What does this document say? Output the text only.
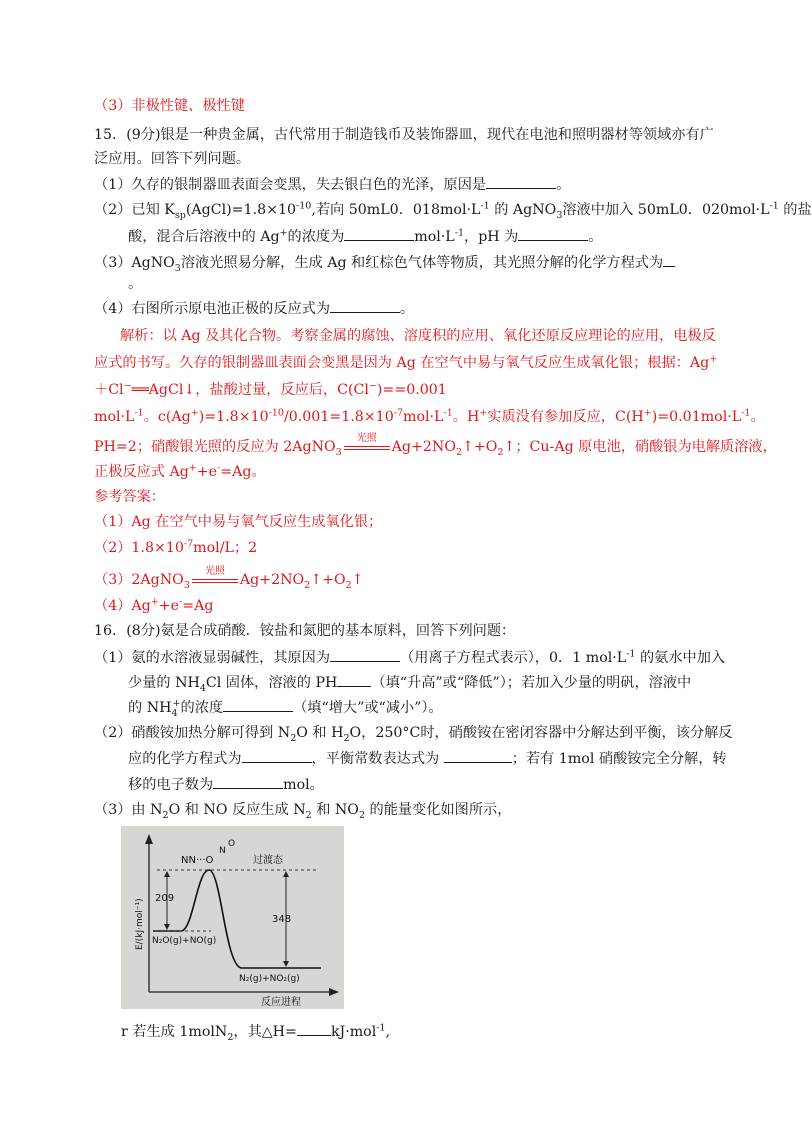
（3）非极性键、极性键
15．(9分)银是一种贵金属，古代常用于制造钱币及装饰器皿，现代在电池和照明器材等领域亦有广
泛应用。回答下列问题。
（1）久存的银制器皿表面会变黑，失去银白色的光泽，原因是	。
（2）已知 $K_{sp}(AgCl)=1.8\times 10^{-10}$,若向 50mL0．$018mol\cdot L^{-1}$ 的 AgNO$_3$溶液中加入 50mL0．$020mol\cdot L^{-1}$ 的盐
酸，混合后溶液中的 Ag+的浓度为	$mol\cdot L^{-1}$，pH 为	。
（3）AgNO$_3$溶液光照易分解，生成 Ag 和红棕色气体等物质，其光照分解的化学方程式为
。
（4）右图所示原电池正极的反应式为	。
解析：以 Ag 及其化合物。考察金属的腐蚀、溶度积的应用、氧化还原反应理论的应用，电极反
应式的书写。久存的银制器皿表面会变黑是因为 Ag 在空气中易与氧气反应生成氧化银；根据：Ag+
＋Cl−══AgCl↓，盐酸过量，反应后，C(Cl−)==0.001
$mol\cdot L^{-1}$。$c(Ag^+)=1.8\times 10^{-10}/0.001=1.8\times 10^{-7}mol\cdot L^{-1}$。H+实质没有参加反应，$C(H^+)=0.01mol\cdot L^{-1}$。
PH=2；硝酸银光照的反应为 2AgNO$_3$
光照
$Ag+2NO_2↑+O_2↑$；Cu-Ag 原电池，硝酸银为电解质溶液，
正极反应式 Ag++e-=Ag。
参考答案：
（1）Ag 在空气中易与氧气反应生成氧化银；
$(2)1.8\times 10^{-7}mol/L$；2
（3）2AgNO$_3$
光照
$Ag+2NO_2↑+O_2↑$
（4）Ag++e-=Ag
16．(8分)氨是合成硝酸．铵盐和氮肥的基本原料，回答下列问题：
（1）氨的水溶液显弱碱性，其原因为	（用离子方程式表示），0．1 $mol\cdot L^{-1}$ 的氨水中加入
少量的 $NH_4Cl$ 固体，溶液的 PH （填“升高”或“降低”）；若加入少量的明矾，溶液中
的 $NH_4^+$的浓度	（填“增大”或“减小”）。
（2）硝酸铵加热分解可得到 $N_2O$ 和 $H_2O$，250°C时，硝酸铵在密闭容器中分解达到平衡，该分解反
应的化学方程式为	，平衡常数表达式为	；若有 1mol 硝酸铵完全分解，转
移的电子数为	mol。
（3）由 $N_2O$ 和 NO 反应生成 $N_2$ 和 $NO_2$ 的能量变化如图所示，
209
348
NN···O
N
O
过渡态
N₂O(g)+NO(g)
N₂(g)+NO₂(g)
反应进程
E/(kJ·mol⁻¹)
r 若生成 1molN$_2$，其△H= kJ·mol$^{-1}$,
